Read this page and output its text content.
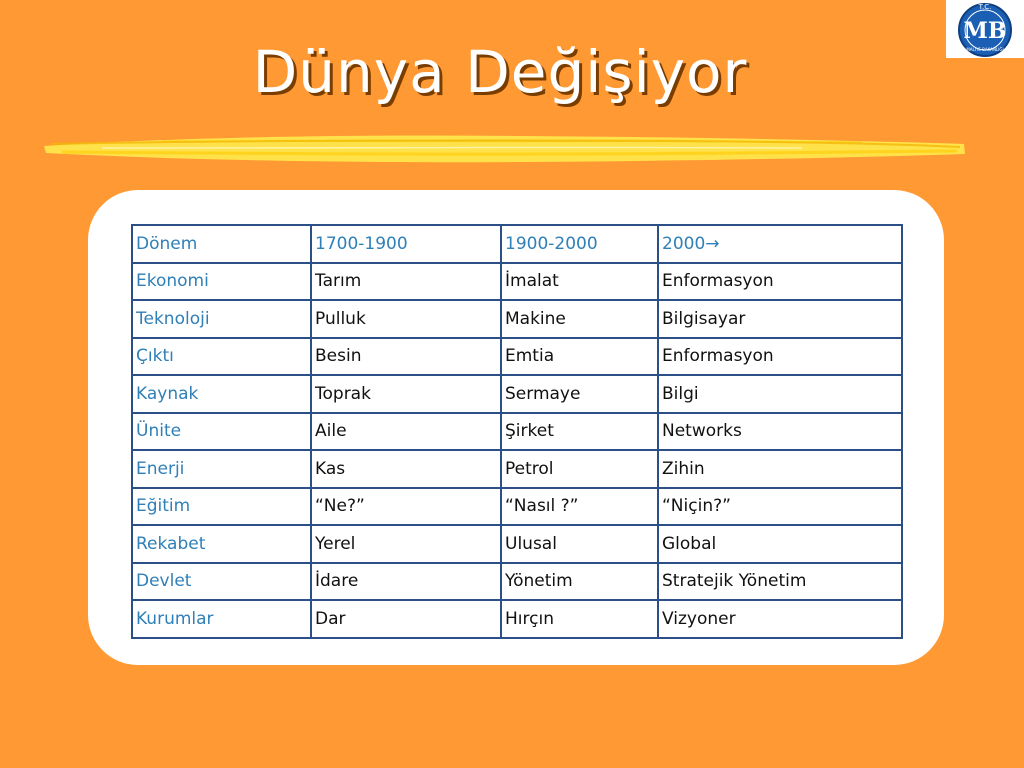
T.C.
MB
MALİYE BAKANLIĞI
Dünya Değişiyor
Dönem	1700-1900	1900-2000	2000→
Ekonomi	Tarım	İmalat	Enformasyon
Teknoloji	Pulluk	Makine	Bilgisayar
Çıktı	Besin	Emtia	Enformasyon
Kaynak	Toprak	Sermaye	Bilgi
Ünite	Aile	Şirket	Networks
Enerji	Kas	Petrol	Zihin
Eğitim	“Ne?”	“Nasıl ?”	“Niçin?”
Rekabet	Yerel	Ulusal	Global
Devlet	İdare	Yönetim	Stratejik Yönetim
Kurumlar	Dar	Hırçın	Vizyoner
